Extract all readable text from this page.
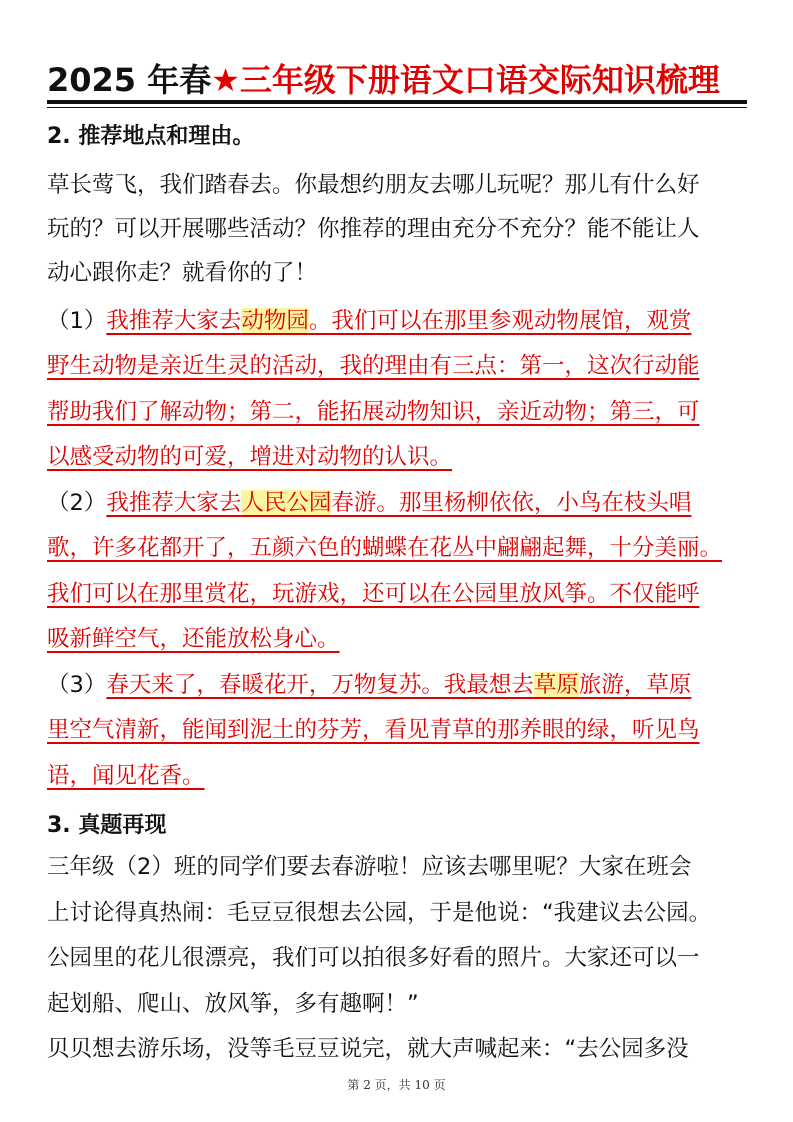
2025 年春★三年级下册语文口语交际知识梳理
2. 推荐地点和理由。
草长莺飞，我们踏春去。你最想约朋友去哪儿玩呢？那儿有什么好
玩的？可以开展哪些活动？你推荐的理由充分不充分？能不能让人
动心跟你走？就看你的了！
（1）我推荐大家去动物园。我们可以在那里参观动物展馆，观赏
野生动物是亲近生灵的活动，我的理由有三点：第一，这次行动能
帮助我们了解动物；第二，能拓展动物知识，亲近动物；第三，可
以感受动物的可爱，增进对动物的认识。
（2）我推荐大家去人民公园春游。那里杨柳依依，小鸟在枝头唱
歌，许多花都开了，五颜六色的蝴蝶在花丛中翩翩起舞，十分美丽。
我们可以在那里赏花，玩游戏，还可以在公园里放风筝。不仅能呼
吸新鲜空气，还能放松身心。
（3）春天来了，春暖花开，万物复苏。我最想去草原旅游，草原
里空气清新，能闻到泥土的芬芳，看见青草的那养眼的绿，听见鸟
语，闻见花香。
3. 真题再现
三年级（2）班的同学们要去春游啦！应该去哪里呢？大家在班会
上讨论得真热闹：毛豆豆很想去公园，于是他说：“我建议去公园。
公园里的花儿很漂亮，我们可以拍很多好看的照片。大家还可以一
起划船、爬山、放风筝，多有趣啊！”
贝贝想去游乐场，没等毛豆豆说完，就大声喊起来：“去公园多没
第 2 页，共 10 页
